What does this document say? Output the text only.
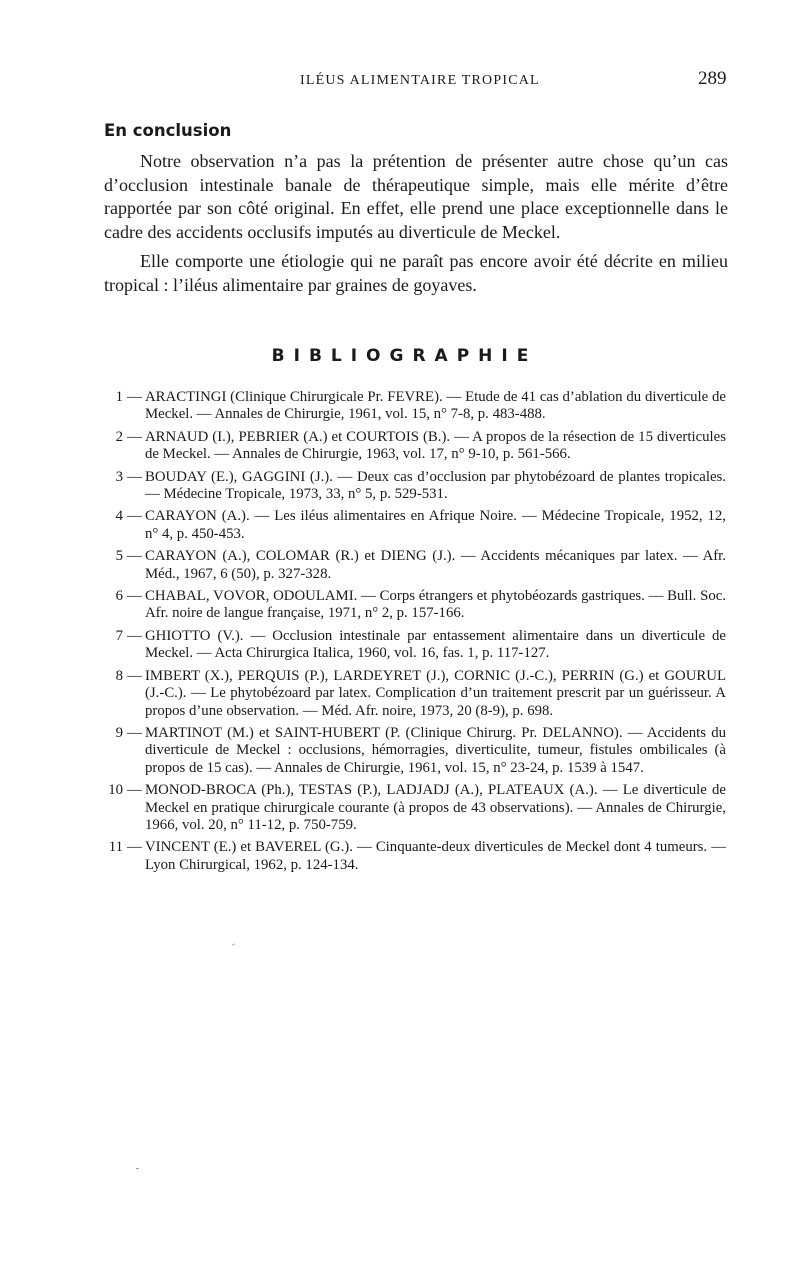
ILÉUS ALIMENTAIRE TROPICAL	289
En conclusion

Notre observation n’a pas la prétention de présenter autre chose qu’un cas d’occlusion intestinale banale de thérapeutique simple, mais elle mérite d’être rapportée par son côté original. En effet, elle prend une place exceptionnelle dans le cadre des accidents occlusifs imputés au diverticule de Meckel.

Elle comporte une étiologie qui ne paraît pas encore avoir été décrite en milieu tropical : l’iléus alimentaire par graines de goyaves.

BIBLIOGRAPHIE
1 — ARACTINGI (Clinique Chirurgicale Pr. FEVRE). — Etude de 41 cas d’ablation du diverticule de Meckel. — Annales de Chirurgie, 1961, vol. 15, n° 7-8, p. 483-488.
2 — ARNAUD (I.), PEBRIER (A.) et COURTOIS (B.). — A propos de la résection de 15 diverticules de Meckel. — Annales de Chirurgie, 1963, vol. 17, n° 9-10, p. 561-566.
3 — BOUDAY (E.), GAGGINI (J.). — Deux cas d’occlusion par phytobézoard de plantes tropicales. — Médecine Tropicale, 1973, 33, n° 5, p. 529-531.
4 — CARAYON (A.). — Les iléus alimentaires en Afrique Noire. — Médecine Tropicale, 1952, 12, n° 4, p. 450-453.
5 — CARAYON (A.), COLOMAR (R.) et DIENG (J.). — Accidents mécaniques par latex. — Afr. Méd., 1967, 6 (50), p. 327-328.
6 — CHABAL, VOVOR, ODOULAMI. — Corps étrangers et phytobéozards gastriques. — Bull. Soc. Afr. noire de langue française, 1971, n° 2, p. 157-166.
7 — GHIOTTO (V.). — Occlusion intestinale par entassement alimentaire dans un diverticule de Meckel. — Acta Chirurgica Italica, 1960, vol. 16, fas. 1, p. 117-127.
8 — IMBERT (X.), PERQUIS (P.), LARDEYRET (J.), CORNIC (J.-C.), PERRIN (G.) et GOURUL (J.-C.). — Le phytobézoard par latex. Complication d’un traitement prescrit par un guérisseur. A propos d’une observation. — Méd. Afr. noire, 1973, 20 (8-9), p. 698.
9 — MARTINOT (M.) et SAINT-HUBERT (P. (Clinique Chirurg. Pr. DELANNO). — Accidents du diverticule de Meckel : occlusions, hémorragies, diverticulite, tumeur, fistules ombilicales (à propos de 15 cas). — Annales de Chirurgie, 1961, vol. 15, n° 23-24, p. 1539 à 1547.
10 — MONOD-BROCA (Ph.), TESTAS (P.), LADJADJ (A.), PLATEAUX (A.). — Le diverticule de Meckel en pratique chirurgicale courante (à propos de 43 observations). — Annales de Chirurgie, 1966, vol. 20, n° 11-12, p. 750-759.
11 — VINCENT (E.) et BAVEREL (G.). — Cinquante-deux diverticules de Meckel dont 4 tumeurs. — Lyon Chirurgical, 1962, p. 124-134.
